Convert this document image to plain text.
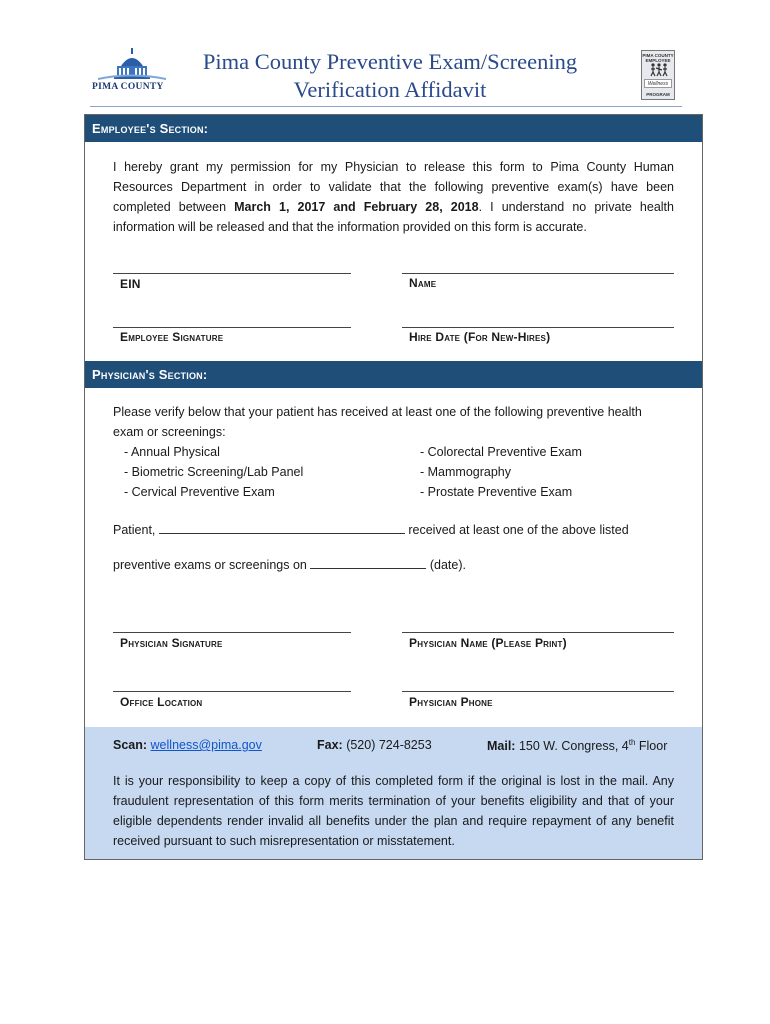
PIMA COUNTY
Pima County Preventive Exam/Screening
Verification Affidavit
PIMA COUNTY EMPLOYEE
Wellness
PROGRAM
Employee's Section:
I hereby grant my permission for my Physician to release this form to Pima County Human Resources Department in order to validate that the following preventive exam(s) have been completed between March 1, 2017 and February 28, 2018. I understand no private health information will be released and that the information provided on this form is accurate.
EIN	Name
Employee Signature	Hire Date (For New-Hires)
Physician's Section:
Please verify below that your patient has received at least one of the following preventive health exam or screenings:
- Annual Physical
- Biometric Screening/Lab Panel
- Cervical Preventive Exam
- Colorectal Preventive Exam
- Mammography
- Prostate Preventive Exam
Patient,	received at least one of the above listed
preventive exams or screenings on	(date).
Physician Signature	Physician Name (Please Print)
Office Location	Physician Phone
Scan: wellness@pima.gov	Fax: (520) 724-8253	Mail: 150 W. Congress, 4th Floor
It is your responsibility to keep a copy of this completed form if the original is lost in the mail. Any fraudulent representation of this form merits termination of your benefits eligibility and that of your eligible dependents render invalid all benefits under the plan and require repayment of any benefit received pursuant to such misrepresentation or misstatement.
